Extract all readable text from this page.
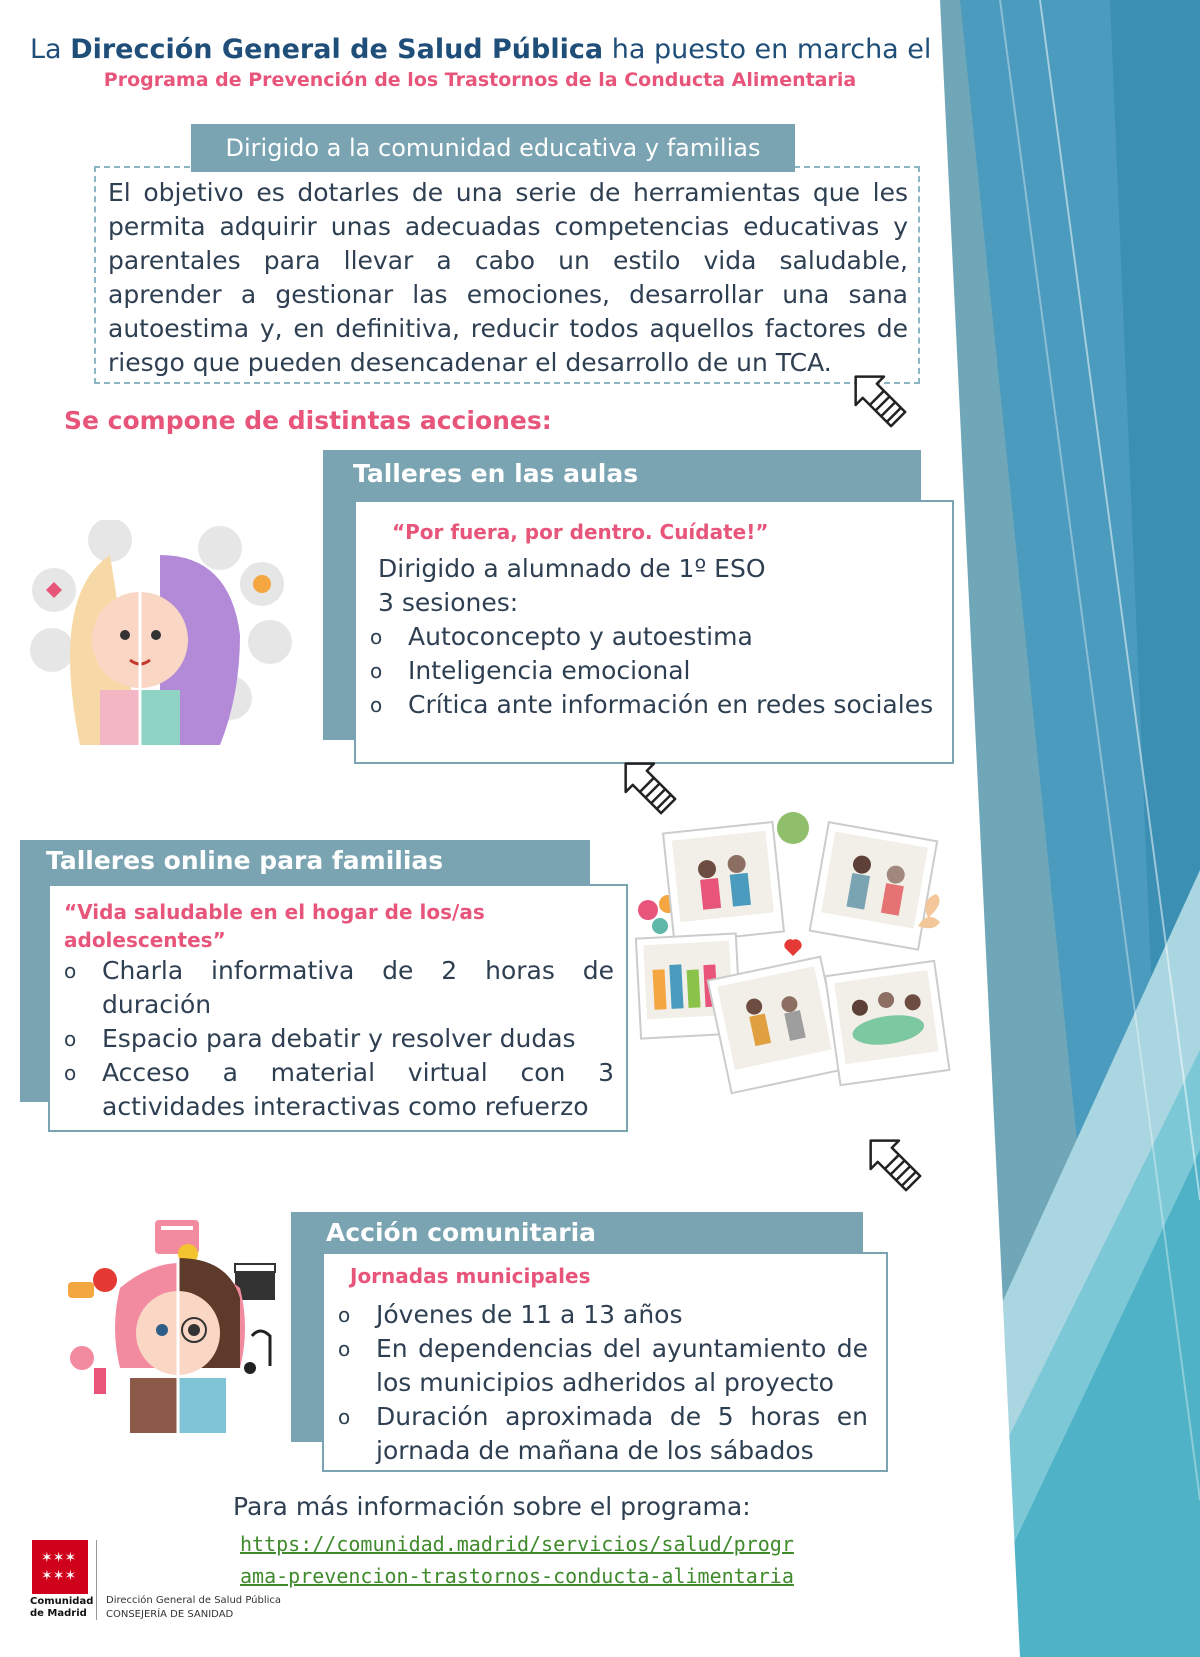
La Dirección General de Salud Pública ha puesto en marcha el
Programa de Prevención de los Trastornos de la Conducta Alimentaria
Dirigido a la comunidad educativa y familias
El objetivo es dotarles de una serie de herramientas que les permita adquirir unas adecuadas competencias educativas y parentales para llevar a cabo un estilo vida saludable, aprender a gestionar las emociones, desarrollar una sana autoestima y, en definitiva, reducir todos aquellos factores de riesgo que pueden desencadenar el desarrollo de un TCA.
Se compone de distintas acciones:
Talleres en las aulas
“Por fuera, por dentro. Cuídate!”
Dirigido a alumnado de 1º ESO
3 sesiones:
o Autoconcepto y autoestima
o Inteligencia emocional
o Crítica ante información en redes sociales
Talleres online para familias
“Vida saludable en el hogar de los/as adolescentes”
o Charla informativa de 2 horas de duración
o Espacio para debatir y resolver dudas
o Acceso a material virtual con 3 actividades interactivas como refuerzo
Acción comunitaria
Jornadas municipales
o Jóvenes de 11 a 13 años
o En dependencias del ayuntamiento de los municipios adheridos al proyecto
o Duración aproximada de 5 horas en jornada de mañana de los sábados
Para más información sobre el programa:
https://comunidad.madrid/servicios/salud/progr
ama-prevencion-trastornos-conducta-alimentaria
✶✶✶
✶✶✶
Comunidad
de Madrid
Dirección General de Salud Pública
CONSEJERÍA DE SANIDAD
